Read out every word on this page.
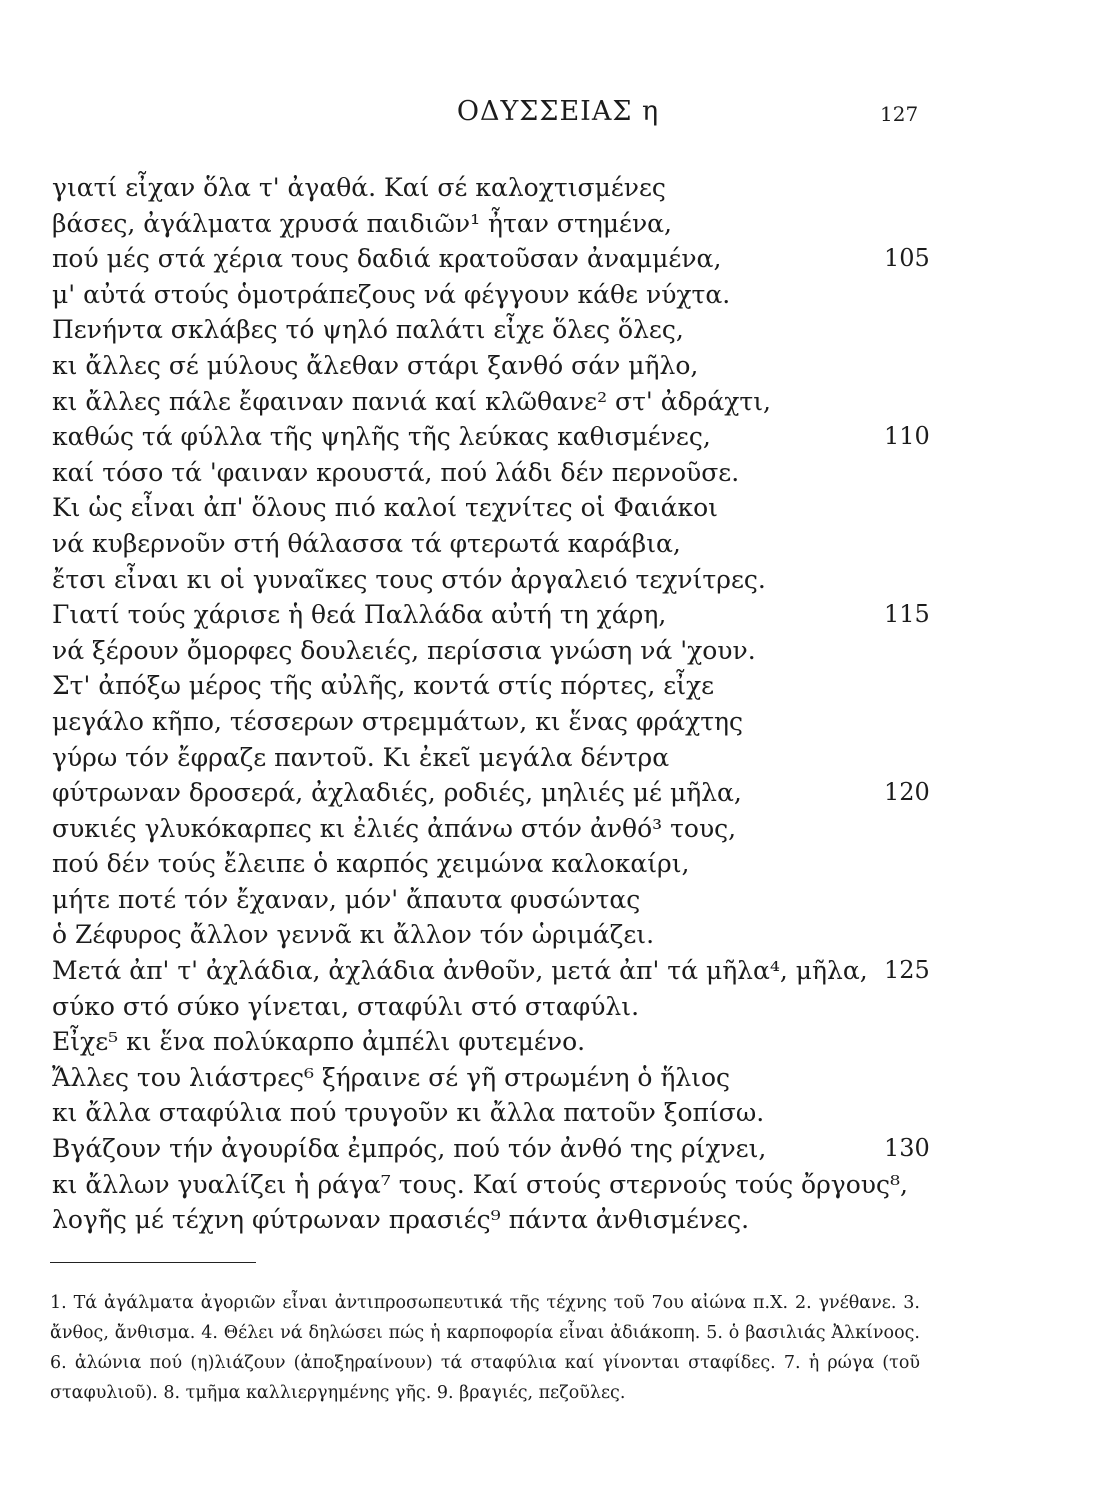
ΟΔΥΣΣΕΙΑΣ η	127
γιατί εἶχαν ὅλα τ' ἀγαθά. Καί σέ καλοχτισμένες
βάσες, ἀγάλματα χρυσά παιδιῶν¹ ἦταν στημένα,
πού μές στά χέρια τους δαδιά κρατοῦσαν ἀναμμένα,	105
μ' αὐτά στούς ὁμοτράπεζους νά φέγγουν κάθε νύχτα.
Πενήντα σκλάβες τό ψηλό παλάτι εἶχε ὅλες ὅλες,
κι ἄλλες σέ μύλους ἄλεθαν στάρι ξανθό σάν μῆλο,
κι ἄλλες πάλε ἔφαιναν πανιά καί κλῶθανε² στ' ἀδράχτι,
καθώς τά φύλλα τῆς ψηλῆς τῆς λεύκας καθισμένες,	110
καί τόσο τά 'φαιναν κρουστά, πού λάδι δέν περνοῦσε.
Κι ὡς εἶναι ἀπ' ὅλους πιό καλοί τεχνίτες οἱ Φαιάκοι
νά κυβερνοῦν στή θάλασσα τά φτερωτά καράβια,
ἔτσι εἶναι κι οἱ γυναῖκες τους στόν ἀργαλειό τεχνίτρες.
Γιατί τούς χάρισε ἡ θεά Παλλάδα αὐτή τη χάρη,	115
νά ξέρουν ὄμορφες δουλειές, περίσσια γνώση νά 'χουν.
Στ' ἀπόξω μέρος τῆς αὐλῆς, κοντά στίς πόρτες, εἶχε
μεγάλο κῆπο, τέσσερων στρεμμάτων, κι ἕνας φράχτης
γύρω τόν ἔφραζε παντοῦ. Κι ἐκεῖ μεγάλα δέντρα
φύτρωναν δροσερά, ἀχλαδιές, ροδιές, μηλιές μέ μῆλα,	120
συκιές γλυκόκαρπες κι ἐλιές ἀπάνω στόν ἀνθό³ τους,
πού δέν τούς ἔλειπε ὁ καρπός χειμώνα καλοκαίρι,
μήτε ποτέ τόν ἔχαναν, μόν' ἄπαυτα φυσώντας
ὁ Ζέφυρος ἄλλον γεννᾶ κι ἄλλον τόν ὡριμάζει.
Μετά ἀπ' τ' ἀχλάδια, ἀχλάδια ἀνθοῦν, μετά ἀπ' τά μῆλα⁴, μῆλα, 125
σύκο στό σύκο γίνεται, σταφύλι στό σταφύλι.
Εἶχε⁵ κι ἕνα πολύκαρπο ἀμπέλι φυτεμένο.
Ἄλλες του λιάστρες⁶ ξήραινε σέ γῆ στρωμένη ὁ ἥλιος
κι ἄλλα σταφύλια πού τρυγοῦν κι ἄλλα πατοῦν ξοπίσω.
Βγάζουν τήν ἀγουρίδα ἐμπρός, πού τόν ἀνθό της ρίχνει,	130
κι ἄλλων γυαλίζει ἡ ράγα⁷ τους. Καί στούς στερνούς τούς ὄργους⁸,
λογῆς μέ τέχνη φύτρωναν πρασιές⁹ πάντα ἀνθισμένες.

1. Τά ἀγάλματα ἀγοριῶν εἶναι ἀντιπροσωπευτικά τῆς τέχνης τοῦ 7ου αἰώνα π.Χ. 2. γνέθανε. 3. ἄνθος, ἄνθισμα. 4. Θέλει νά δηλώσει πώς ἡ καρποφορία εἶναι ἀδιάκοπη. 5. ὁ βασιλιάς Ἀλκίνοος. 6. ἁλώνια πού (η)λιάζουν (ἀποξηραίνουν) τά σταφύλια καί γίνονται σταφίδες. 7. ἡ ρώγα (τοῦ σταφυλιοῦ). 8. τμῆμα καλλιεργημένης γῆς. 9. βραγιές, πεζοῦλες.
